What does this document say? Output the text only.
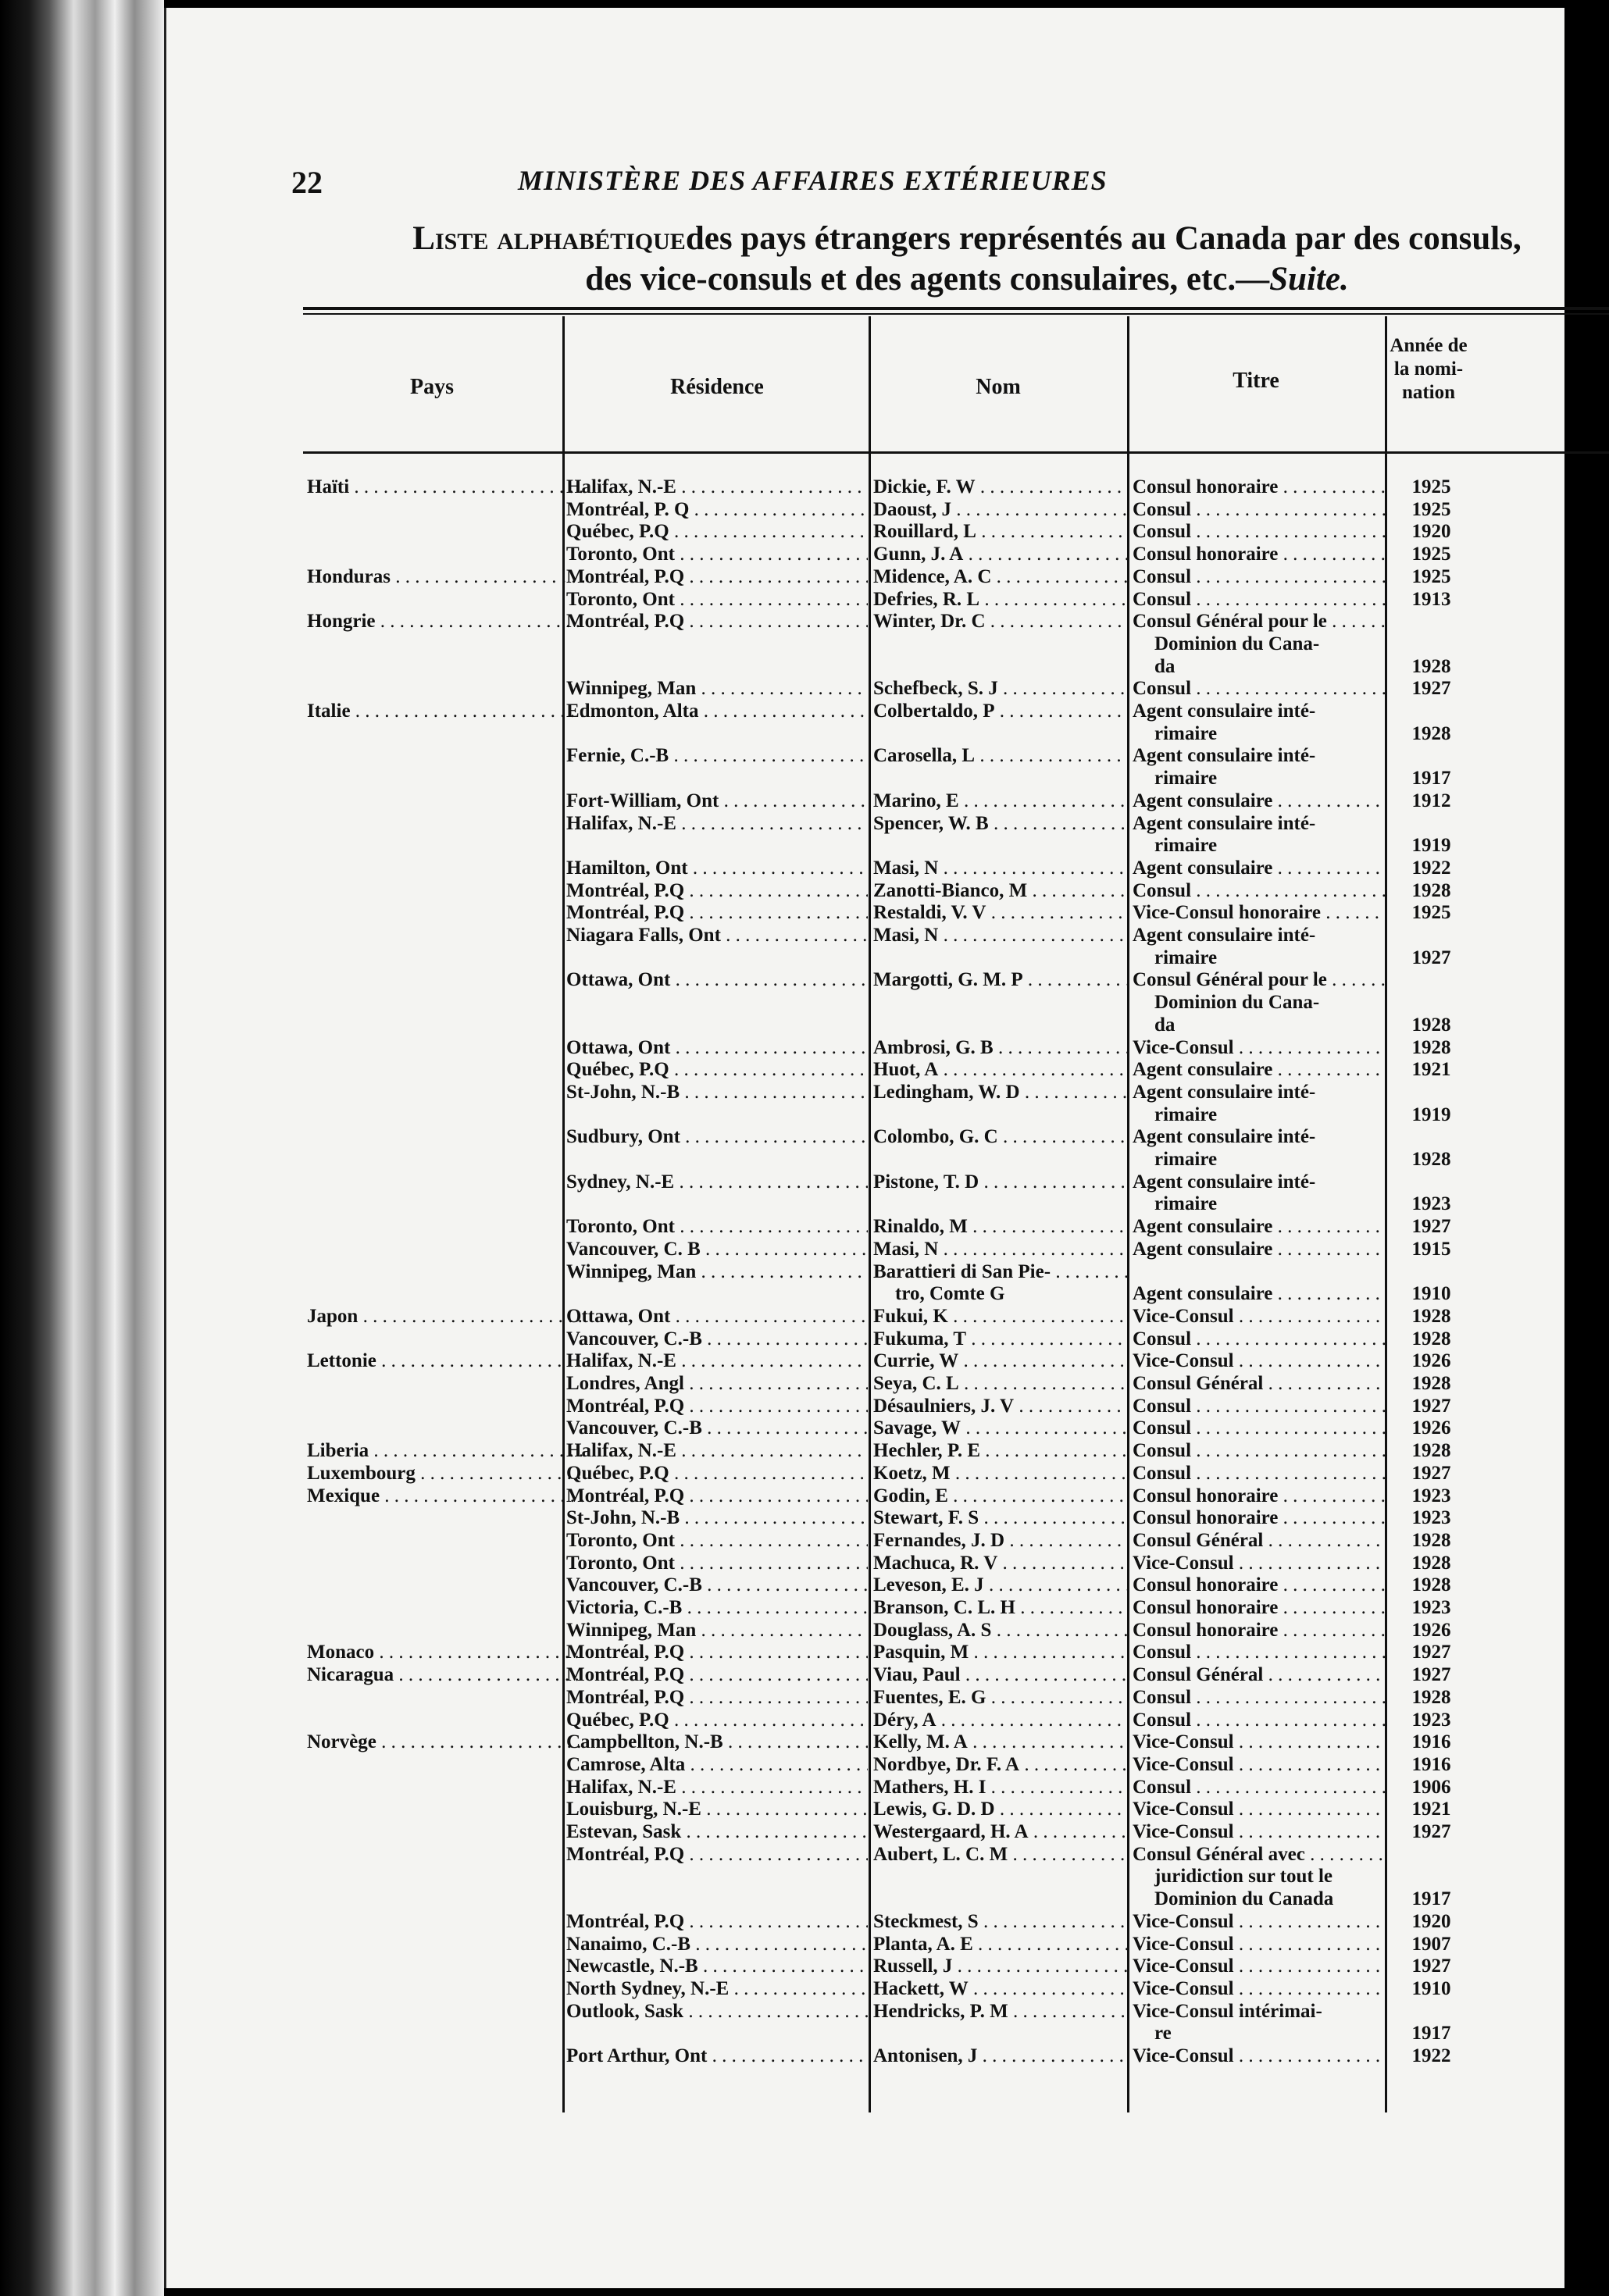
22	MINISTÈRE DES AFFAIRES EXTÉRIEURES
Liste alphabétiquedes pays étrangers représentés au Canada par des consuls,
des vice-consuls et des agents consulaires, etc.—Suite.
Pays	Résidence	Nom	Titre
Année de la nomi- nation
Haïti . . .	Halifax, N.-E . . .	Dickie, F. W . . .	Consul honoraire . . .	1925
Montréal, P. Q . . .	Daoust, J . . .	Consul . . .	1925
Québec, P.Q . . .	Rouillard, L . . .	Consul . . .	1920
Toronto, Ont . . .	Gunn, J. A . . .	Consul honoraire . . .	1925
Honduras . . .	Montréal, P.Q . . .	Midence, A. C . . .	Consul . . .	1925
Toronto, Ont . . .	Defries, R. L . . .	Consul . . .	1913
Hongrie . . .	Montréal, P.Q . . .	Winter, Dr. C . . .	Consul Général pour le . . .
Dominion du Cana-
da	1928
Winnipeg, Man . . .	Schefbeck, S. J . . .	Consul . . .	1927
Italie . . .	Edmonton, Alta . . .	Colbertaldo, P . . .	Agent consulaire inté-
rimaire	1928
Fernie, C.-B . . .	Carosella, L . . .	Agent consulaire inté-
rimaire	1917
Fort-William, Ont . . .	Marino, E . . .	Agent consulaire . . .	1912
Halifax, N.-E . . .	Spencer, W. B . . .	Agent consulaire inté-
rimaire	1919
Hamilton, Ont . . .	Masi, N . . .	Agent consulaire . . .	1922
Montréal, P.Q . . .	Zanotti-Bianco, M . . .	Consul . . .	1928
Montréal, P.Q . . .	Restaldi, V. V . . .	Vice-Consul honoraire . . .	1925
Niagara Falls, Ont . . .	Masi, N . . .	Agent consulaire inté-
rimaire	1927
Ottawa, Ont . . .	Margotti, G. M. P . . .	Consul Général pour le . . .
Dominion du Cana-
da	1928
Ottawa, Ont . . .	Ambrosi, G. B . . .	Vice-Consul . . .	1928
Québec, P.Q . . .	Huot, A . . .	Agent consulaire . . .	1921
St-John, N.-B . . .	Ledingham, W. D . . .	Agent consulaire inté-
rimaire	1919
Sudbury, Ont . . .	Colombo, G. C . . .	Agent consulaire inté-
rimaire	1928
Sydney, N.-E . . .	Pistone, T. D . . .	Agent consulaire inté-
rimaire	1923
Toronto, Ont . . .	Rinaldo, M . . .	Agent consulaire . . .	1927
Vancouver, C. B . . .	Masi, N . . .	Agent consulaire . . .	1915
Winnipeg, Man . . .	Barattieri di San Pie- . . .
tro, Comte G	Agent consulaire . . .	1910
Japon . . .	Ottawa, Ont . . .	Fukui, K . . .	Vice-Consul . . .	1928
Vancouver, C.-B . . .	Fukuma, T . . .	Consul . . .	1928
Lettonie . . .	Halifax, N.-E . . .	Currie, W . . .	Vice-Consul . . .	1926
Londres, Angl . . .	Seya, C. L . . .	Consul Général . . .	1928
Montréal, P.Q . . .	Désaulniers, J. V . . .	Consul . . .	1927
Vancouver, C.-B . . .	Savage, W . . .	Consul . . .	1926
Liberia . . .	Halifax, N.-E . . .	Hechler, P. E . . .	Consul . . .	1928
Luxembourg . . .	Québec, P.Q . . .	Koetz, M . . .	Consul . . .	1927
Mexique . . .	Montréal, P.Q . . .	Godin, E . . .	Consul honoraire . . .	1923
St-John, N.-B . . .	Stewart, F. S . . .	Consul honoraire . . .	1923
Toronto, Ont . . .	Fernandes, J. D . . .	Consul Général . . .	1928
Toronto, Ont . . .	Machuca, R. V . . .	Vice-Consul . . .	1928
Vancouver, C.-B . . .	Leveson, E. J . . .	Consul honoraire . . .	1928
Victoria, C.-B . . .	Branson, C. L. H . . .	Consul honoraire . . .	1923
Winnipeg, Man . . .	Douglass, A. S . . .	Consul honoraire . . .	1926
Monaco . . .	Montréal, P.Q . . .	Pasquin, M . . .	Consul . . .	1927
Nicaragua . . .	Montréal, P.Q . . .	Viau, Paul . . .	Consul Général . . .	1927
Montréal, P.Q . . .	Fuentes, E. G . . .	Consul . . .	1928
Québec, P.Q . . .	Déry, A . . .	Consul . . .	1923
Norvège . . .	Campbellton, N.-B . . .	Kelly, M. A . . .	Vice-Consul . . .	1916
Camrose, Alta . . .	Nordbye, Dr. F. A . . .	Vice-Consul . . .	1916
Halifax, N.-E . . .	Mathers, H. I . . .	Consul . . .	1906
Louisburg, N.-E . . .	Lewis, G. D. D . . .	Vice-Consul . . .	1921
Estevan, Sask . . .	Westergaard, H. A . . .	Vice-Consul . . .	1927
Montréal, P.Q . . .	Aubert, L. C. M . . .	Consul Général avec . . .
juridiction sur tout le
Dominion du Canada	1917
Montréal, P.Q . . .	Steckmest, S . . .	Vice-Consul . . .	1920
Nanaimo, C.-B . . .	Planta, A. E . . .	Vice-Consul . . .	1907
Newcastle, N.-B . . .	Russell, J . . .	Vice-Consul . . .	1927
North Sydney, N.-E . . .	Hackett, W . . .	Vice-Consul . . .	1910
Outlook, Sask . . .	Hendricks, P. M . . .	Vice-Consul intérimai-
re	1917
Port Arthur, Ont . . .	Antonisen, J . . .	Vice-Consul . . .	1922
